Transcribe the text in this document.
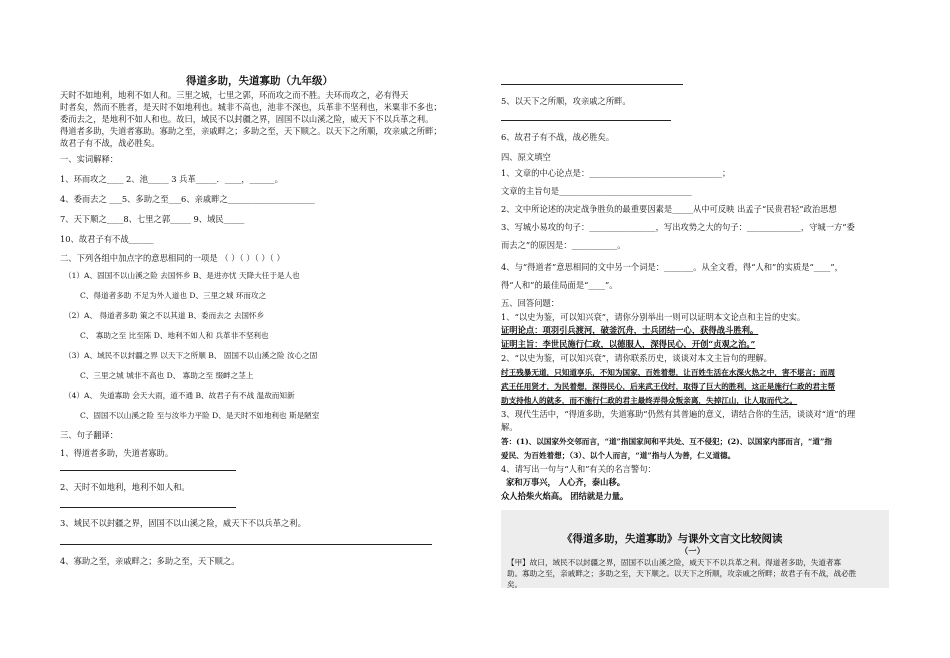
得道多助，失道寡助（九年级）
天时不如地利，地利不如人和。三里之城，七里之郭，环而攻之而不胜。夫环而攻之，必有得天
时者矣，然而不胜者，是天时不如地利也。城非不高也，池非不深也，兵革非不坚利也，米粟非不多也；
委而去之，是地利不如人和也。故曰，域民不以封疆之界，固国不以山溪之险，威天下不以兵革之利。
得道者多助，失道者寡助。寡助之至，亲戚畔之；多助之至，天下顺之。以天下之所顺，攻亲戚之所畔；
故君子有不战，战必胜矣。
一、实词解释：
1、环而攻之____ 2、池_____ 3 兵革_____．____，______。
4、委而去之 ___5、多助之至___6、亲戚畔之_____________________
7、天下顺之____8、七里之郭_____ 9、域民_____
10、故君子有不战______
二、下列各组中加点字的意思相同的一项是 （ ）（ ）（ ）（ ）
（1）A、固国不以山溪之险 去国怀乡 B、是进亦忧 天降大任于是人也
C、得道者多助 不足为外人道也 D、三里之城 环而攻之
（2）A、 得道者多助 策之不以其道 B、委而去之 去国怀乡
C、 寡助之至 比至陈 D、地利不如人和 兵革非不坚利也
（3）A、域民不以封疆之界 以天下之所顺 B、 固国不以山溪之险 汝心之固
C、三里之城 城非不高也 D、 寡助之至 缀衅之茎上
（4）A、 失道寡助 会天大雨，道不通 B、故君子有不战 温故而知新
C、固国不以山溪之险 至与汝毕力平险 D、是天时不如地利也 斯是陋室
三、句子翻译：
1、得道者多助，失道者寡助。
2、天时不如地利，地利不如人和。
3、域民不以封疆之界，固国不以山溪之险，威天下不以兵革之利。
4、寡助之至，亲戚畔之；多助之至，天下顺之。
5、以天下之所顺，攻亲戚之所畔。
6、故君子有不战，战必胜矣。
四、原文填空
1、文章的中心论点是：________________________________；
文章的主旨句是________________________________
2、文中所论述的决定战争胜负的最重要因素是_____从中可反映 出孟子“民贵君轻”政治思想
3、写城小易攻的句子：________________，写出攻势之大的句子：_____________，守城一方“委
而去之”的原因是：___________。
4、与“得道者”意思相同的文中另一个词是：_______。从全文看，得“人和”的实质是“____”，
得“人和”的最佳局面是“____”。
五、回答问题：
1、“以史为鉴，可以知兴衰”，请你分别举出一则可以证明本文论点和主旨的史实。
证明论点：项羽引兵渡河，破釜沉舟，士兵团结一心，获得战斗胜利。
证明主旨：李世民施行仁政，以德服人，深得民心，开创“贞观之治。”
2、“以史为鉴，可以知兴衰”，请你联系历史，谈谈对本文主旨句的理解。
纣王残暴无道，只知道享乐，不知为国家、百姓着想，让百姓生活在水深火热之中，害不堪言；而周
武王任用贤才，为民着想，深得民心，后来武王伐纣，取得了巨大的胜利，这正是施行仁政的君主帮
助支持他人的就多，而不施行仁政的君主最终弄得众叛亲离，失掉江山，让人取而代之。
3、现代生活中，“得道多助，失道寡助”仍然有其普遍的意义，请结合你的生活，谈谈对“道”的理
解。
答：(1)、以国家外交邻而言，“道”指国家间和平共处、互不侵犯；(2)、以国家内部而言，“道”指
爱民、为百姓着想；（3）、以个人而言，“道”指与人为善，仁义道德。
4、请写出一句与“人和”有关的名言警句：
家和万事兴， 人心齐，泰山移。
众人拾柴火焰高。 团结就是力量。
《得道多助，失道寡助》与课外文言文比较阅读
（一）
【甲】故曰，域民不以封疆之界，固国不以山溪之险，威天下不以兵革之利。得道者多助，失道者寡
助。寡助之至，亲戚畔之；多助之至，天下顺之。以天下之所顺，攻亲戚之所畔；故君子有不战，战必胜
矣。
